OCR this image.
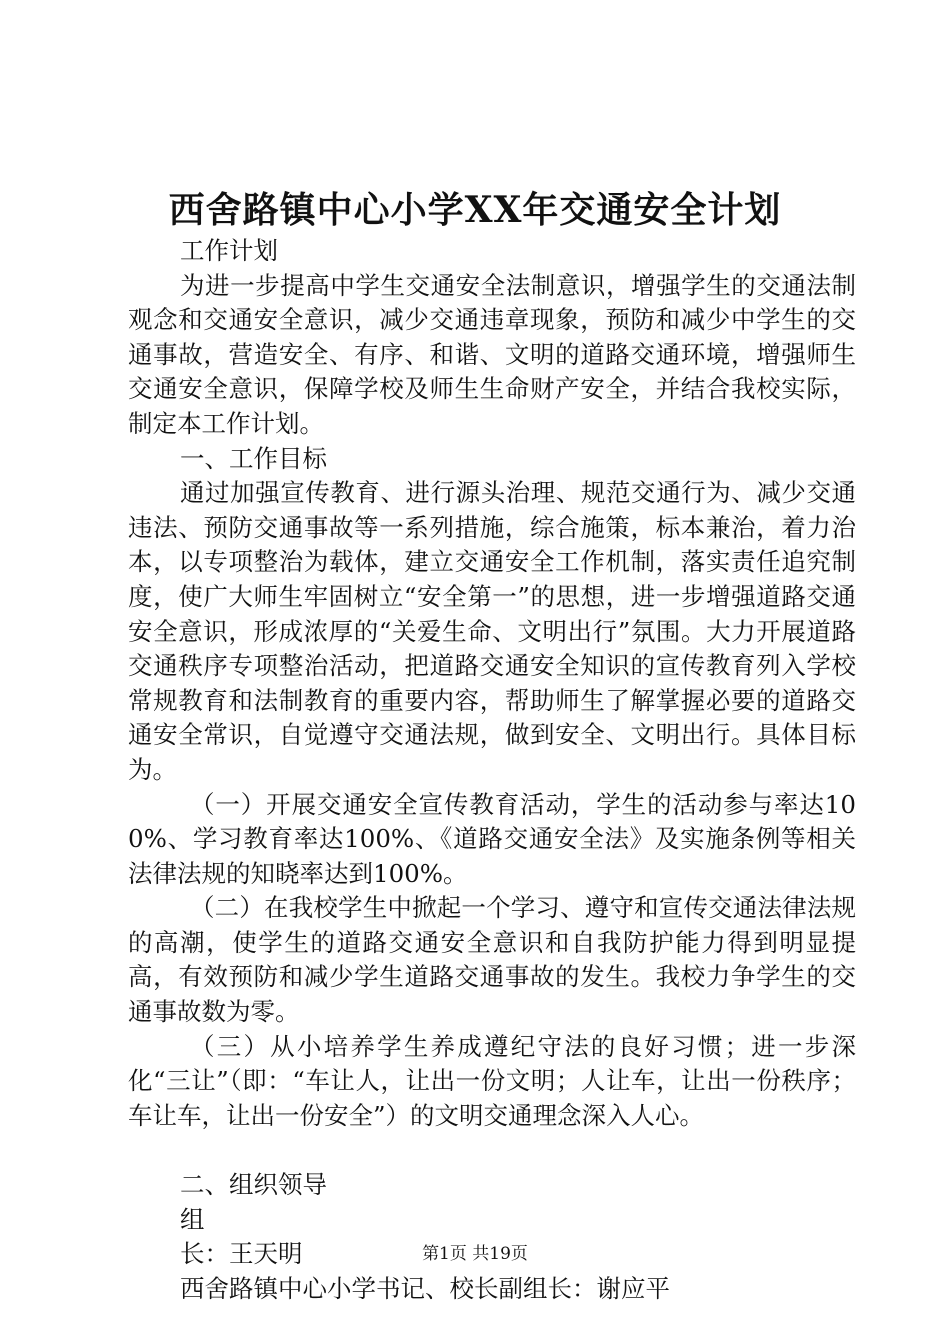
西舍路镇中心小学XX年交通安全计划

工作计划

为进一步提高中学生交通安全法制意识，增强学生的交通法制观念和交通安全意识，减少交通违章现象，预防和减少中学生的交通事故，营造安全、有序、和谐、文明的道路交通环境，增强师生交通安全意识，保障学校及师生生命财产安全，并结合我校实际，制定本工作计划。

一、工作目标

通过加强宣传教育、进行源头治理、规范交通行为、减少交通违法、预防交通事故等一系列措施，综合施策，标本兼治，着力治本，以专项整治为载体，建立交通安全工作机制，落实责任追究制度，使广大师生牢固树立“安全第一”的思想，进一步增强道路交通安全意识，形成浓厚的“关爱生命、文明出行”氛围。大力开展道路交通秩序专项整治活动，把道路交通安全知识的宣传教育列入学校常规教育和法制教育的重要内容，帮助师生了解掌握必要的道路交通安全常识，自觉遵守交通法规，做到安全、文明出行。具体目标为。

（一）开展交通安全宣传教育活动，学生的活动参与率达100%、学习教育率达100%、《道路交通安全法》及实施条例等相关法律法规的知晓率达到100%。

（二）在我校学生中掀起一个学习、遵守和宣传交通法律法规的高潮，使学生的道路交通安全意识和自我防护能力得到明显提高，有效预防和减少学生道路交通事故的发生。我校力争学生的交通事故数为零。

（三）从小培养学生养成遵纪守法的良好习惯；进一步深化“三让”（即：“车让人，让出一份文明；人让车，让出一份秩序；车让车，让出一份安全”）的文明交通理念深入人心。

二、组织领导

组

长：王天明

西舍路镇中心小学书记、校长副组长：谢应平

第1页 共19页
